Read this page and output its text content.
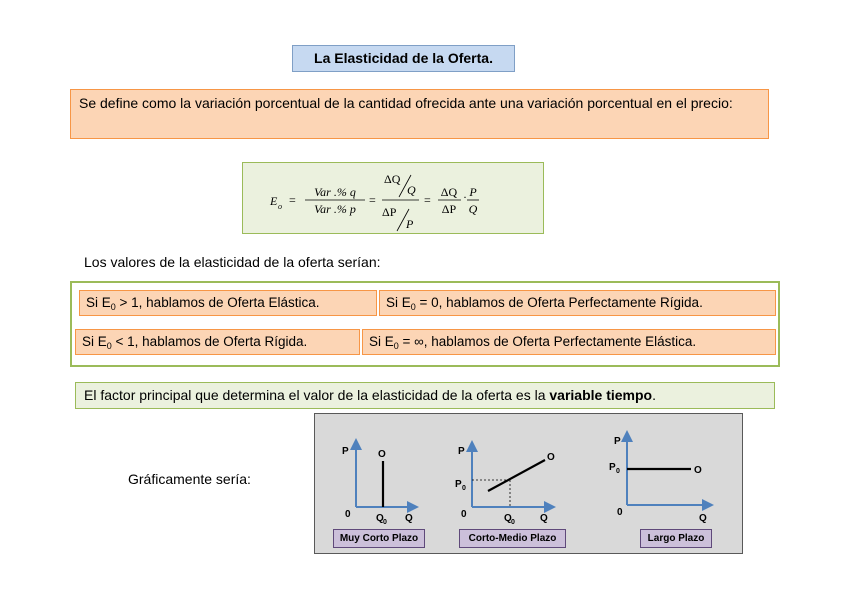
La Elasticidad de la Oferta.
Se define como la variación porcentual de la cantidad ofrecida ante una variación porcentual en el precio:
E o =
Var .% q
Var .% p
=
ΔQ
Q
ΔP
P
=
ΔQ
ΔP
· P
Q
Los valores de la elasticidad de la oferta serían:
Si $E_0 > 1$, hablamos de Oferta Elástica.	Si $E_0 = 0$, hablamos de Oferta Perfectamente Rígida.
Si $E_0 < 1$, hablamos de Oferta Rígida.	Si $E_0$ = ∞, hablamos de Oferta Perfectamente Elástica.
El factor principal que determina el valor de la elasticidad de la oferta es la variable tiempo.
Gráficamente sería:
P	O
0	Q 0 Q
P
O
P 0
0	Q 0	Q
P
O
P 0
0
Q
Muy Corto Plazo	Corto-Medio Plazo	Largo Plazo
